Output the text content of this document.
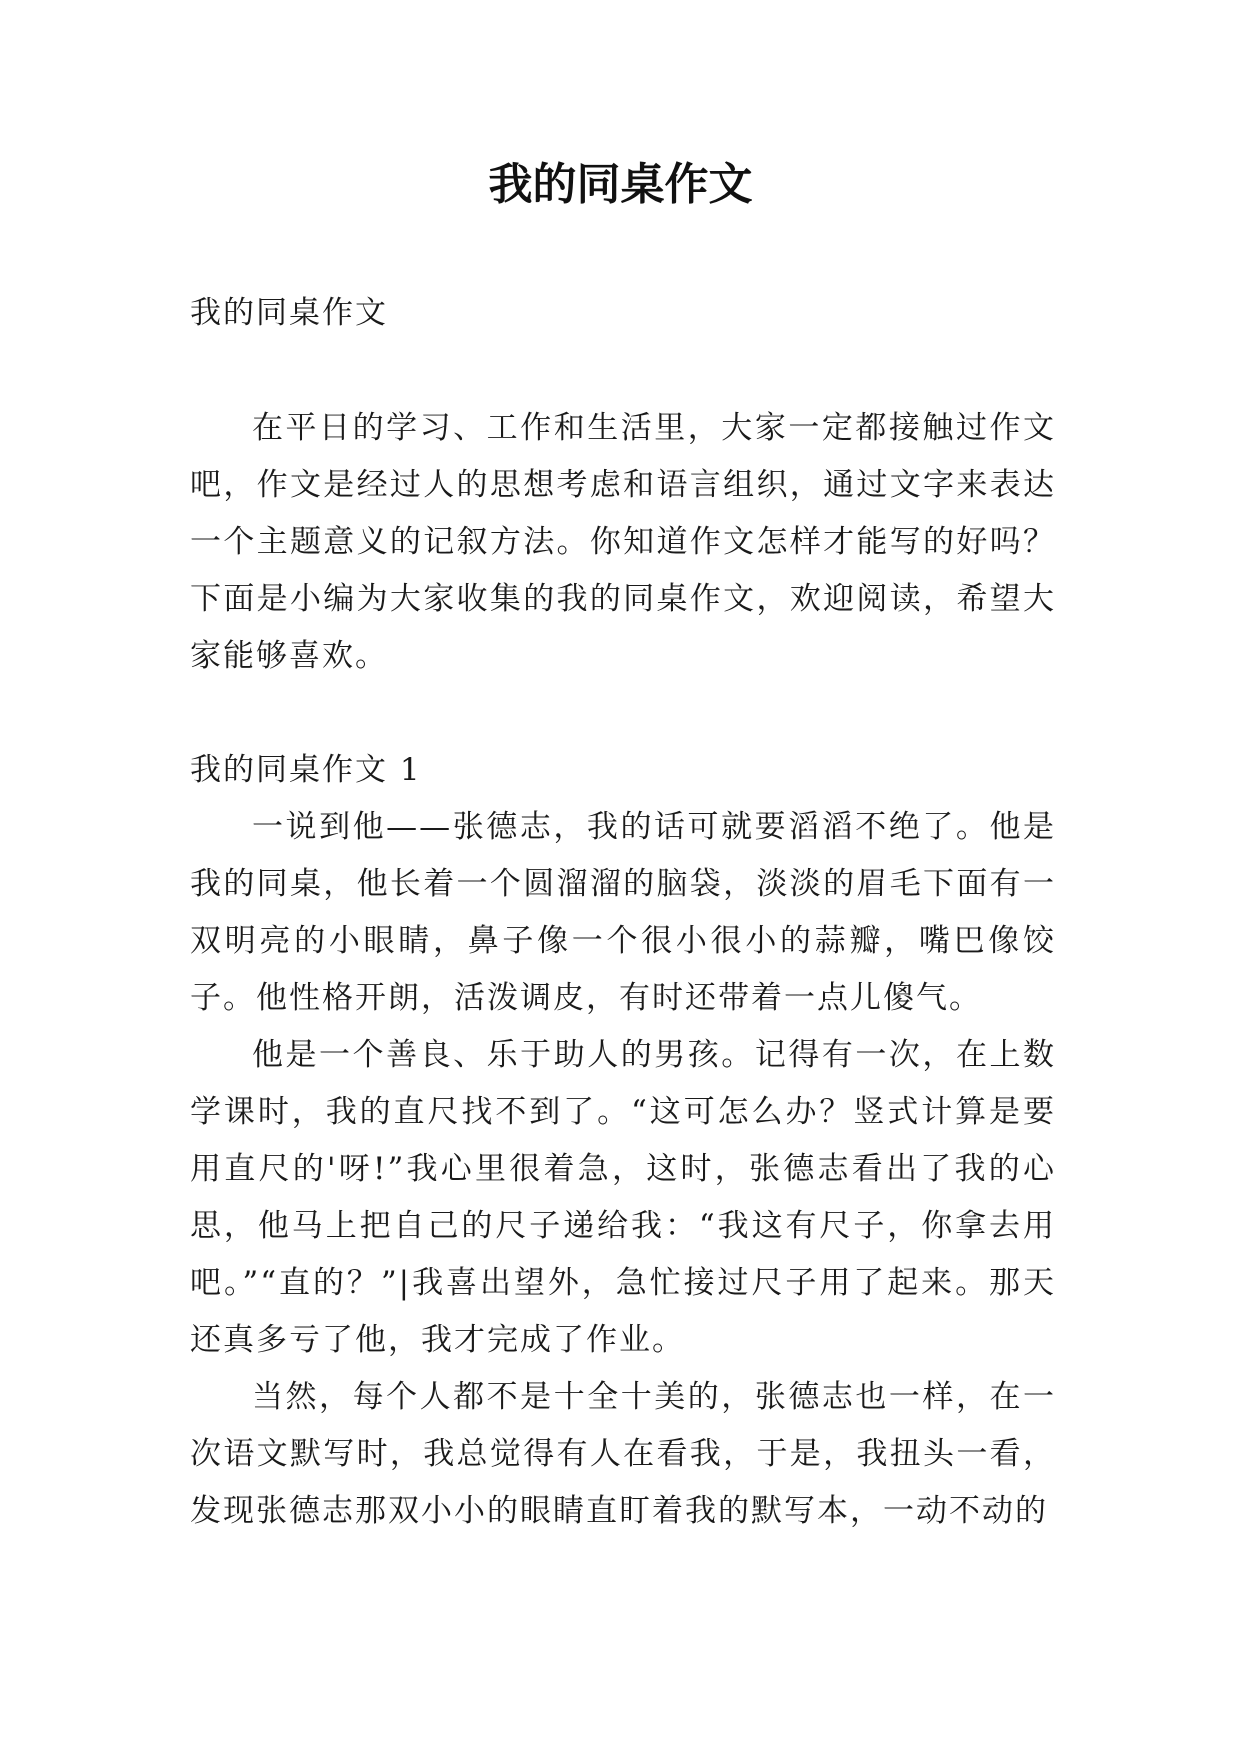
我的同桌作文

我的同桌作文

在平日的学习、工作和生活里，大家一定都接触过作文吧，作文是经过人的思想考虑和语言组织，通过文字来表达一个主题意义的记叙方法。你知道作文怎样才能写的好吗？下面是小编为大家收集的我的同桌作文，欢迎阅读，希望大家能够喜欢。

我的同桌作文 1

一说到他——张德志，我的话可就要滔滔不绝了。他是我的同桌，他长着一个圆溜溜的脑袋，淡淡的眉毛下面有一双明亮的小眼睛，鼻子像一个很小很小的蒜瓣，嘴巴像饺子。他性格开朗，活泼调皮，有时还带着一点儿傻气。

他是一个善良、乐于助人的男孩。记得有一次，在上数学课时，我的直尺找不到了。“这可怎么办？竖式计算是要用直尺的'呀!”我心里很着急，这时，张德志看出了我的心思，他马上把自己的尺子递给我：“我这有尺子，你拿去用吧。”“直的？”|我喜出望外，急忙接过尺子用了起来。那天还真多亏了他，我才完成了作业。

当然，每个人都不是十全十美的，张德志也一样，在一次语文默写时，我总觉得有人在看我，于是，我扭头一看，发现张德志那双小小的眼睛直盯着我的默写本，一动不动的
